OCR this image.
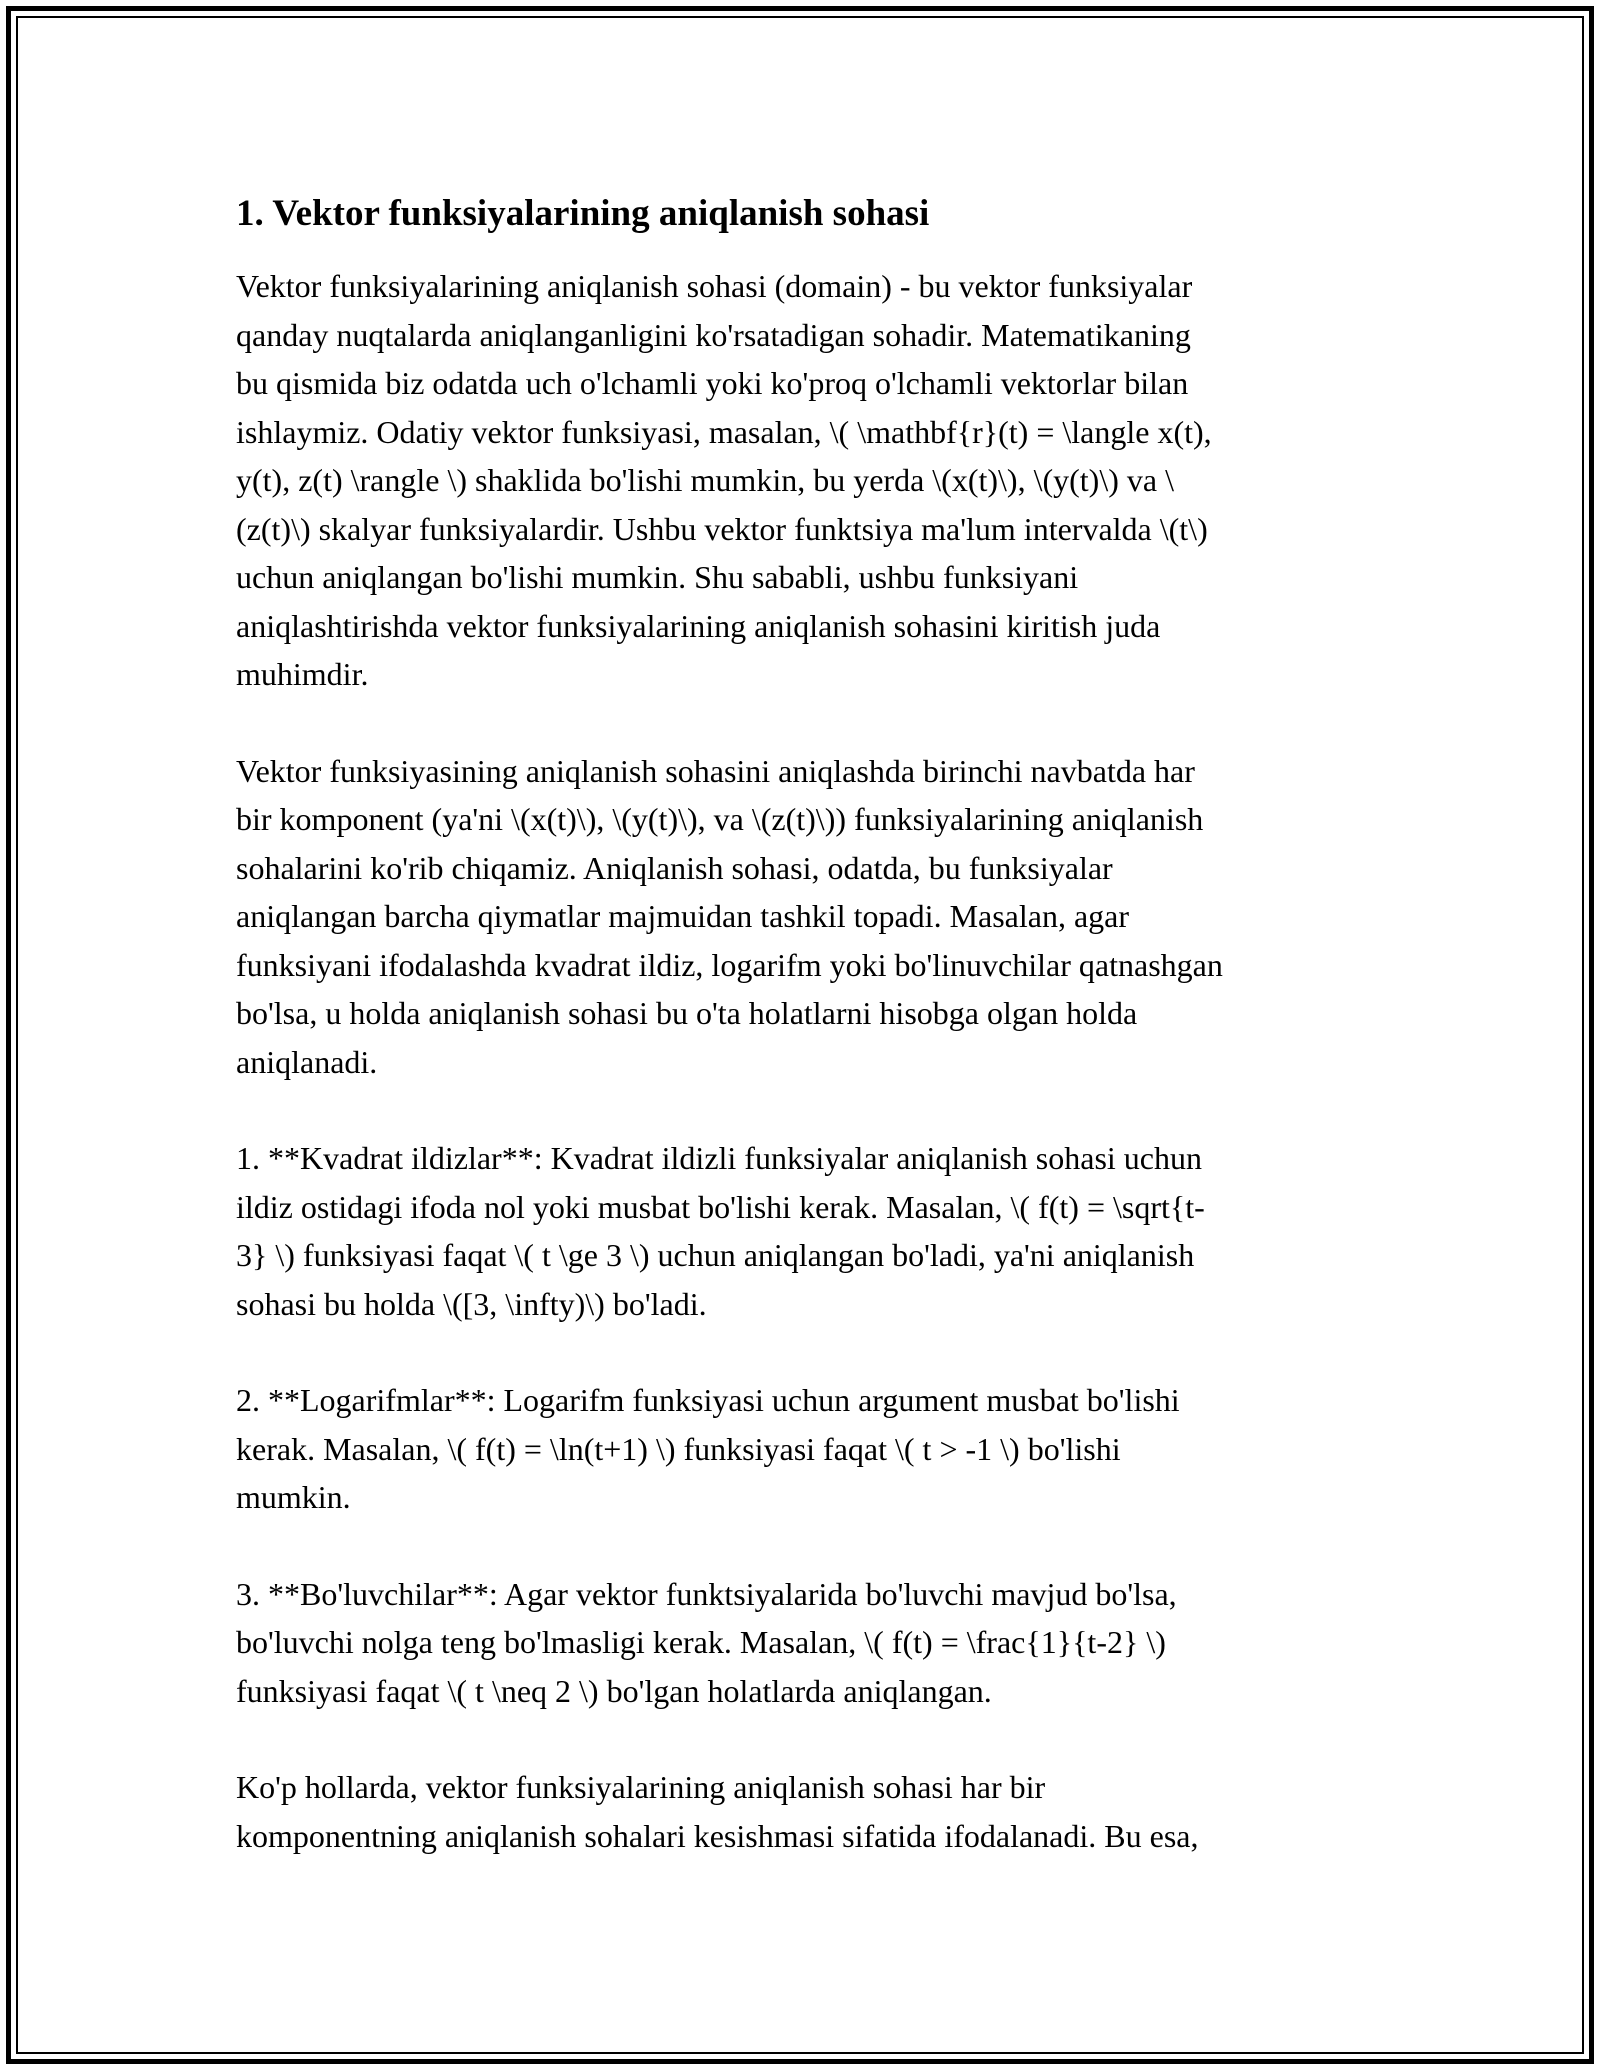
1. Vektor funksiyalarining aniqlanish sohasi

Vektor funksiyalarining aniqlanish sohasi (domain) - bu vektor funksiyalar
qanday nuqtalarda aniqlanganligini ko'rsatadigan sohadir. Matematikaning
bu qismida biz odatda uch o'lchamli yoki ko'proq o'lchamli vektorlar bilan
ishlaymiz. Odatiy vektor funksiyasi, masalan, \( \mathbf{r}(t) = \langle x(t),
y(t), z(t) \rangle \) shaklida bo'lishi mumkin, bu yerda \(x(t)\), \(y(t)\) va \
(z(t)\) skalyar funksiyalardir. Ushbu vektor funktsiya ma'lum intervalda \(t\)
uchun aniqlangan bo'lishi mumkin. Shu sababli, ushbu funksiyani
aniqlashtirishda vektor funksiyalarining aniqlanish sohasini kiritish juda
muhimdir.

Vektor funksiyasining aniqlanish sohasini aniqlashda birinchi navbatda har
bir komponent (ya'ni \(x(t)\), \(y(t)\), va \(z(t)\)) funksiyalarining aniqlanish
sohalarini ko'rib chiqamiz. Aniqlanish sohasi, odatda, bu funksiyalar
aniqlangan barcha qiymatlar majmuidan tashkil topadi. Masalan, agar
funksiyani ifodalashda kvadrat ildiz, logarifm yoki bo'linuvchilar qatnashgan
bo'lsa, u holda aniqlanish sohasi bu o'ta holatlarni hisobga olgan holda
aniqlanadi.

1. **Kvadrat ildizlar**: Kvadrat ildizli funksiyalar aniqlanish sohasi uchun
ildiz ostidagi ifoda nol yoki musbat bo'lishi kerak. Masalan, \( f(t) = \sqrt{t-
3} \) funksiyasi faqat \( t \ge 3 \) uchun aniqlangan bo'ladi, ya'ni aniqlanish
sohasi bu holda \([3, \infty)\) bo'ladi.

2. **Logarifmlar**: Logarifm funksiyasi uchun argument musbat bo'lishi
kerak. Masalan, \( f(t) = \ln(t+1) \) funksiyasi faqat \( t > -1 \) bo'lishi
mumkin.

3. **Bo'luvchilar**: Agar vektor funktsiyalarida bo'luvchi mavjud bo'lsa,
bo'luvchi nolga teng bo'lmasligi kerak. Masalan, \( f(t) = \frac{1}{t-2} \)
funksiyasi faqat \( t \neq 2 \) bo'lgan holatlarda aniqlangan.

Ko'p hollarda, vektor funksiyalarining aniqlanish sohasi har bir
komponentning aniqlanish sohalari kesishmasi sifatida ifodalanadi. Bu esa,
